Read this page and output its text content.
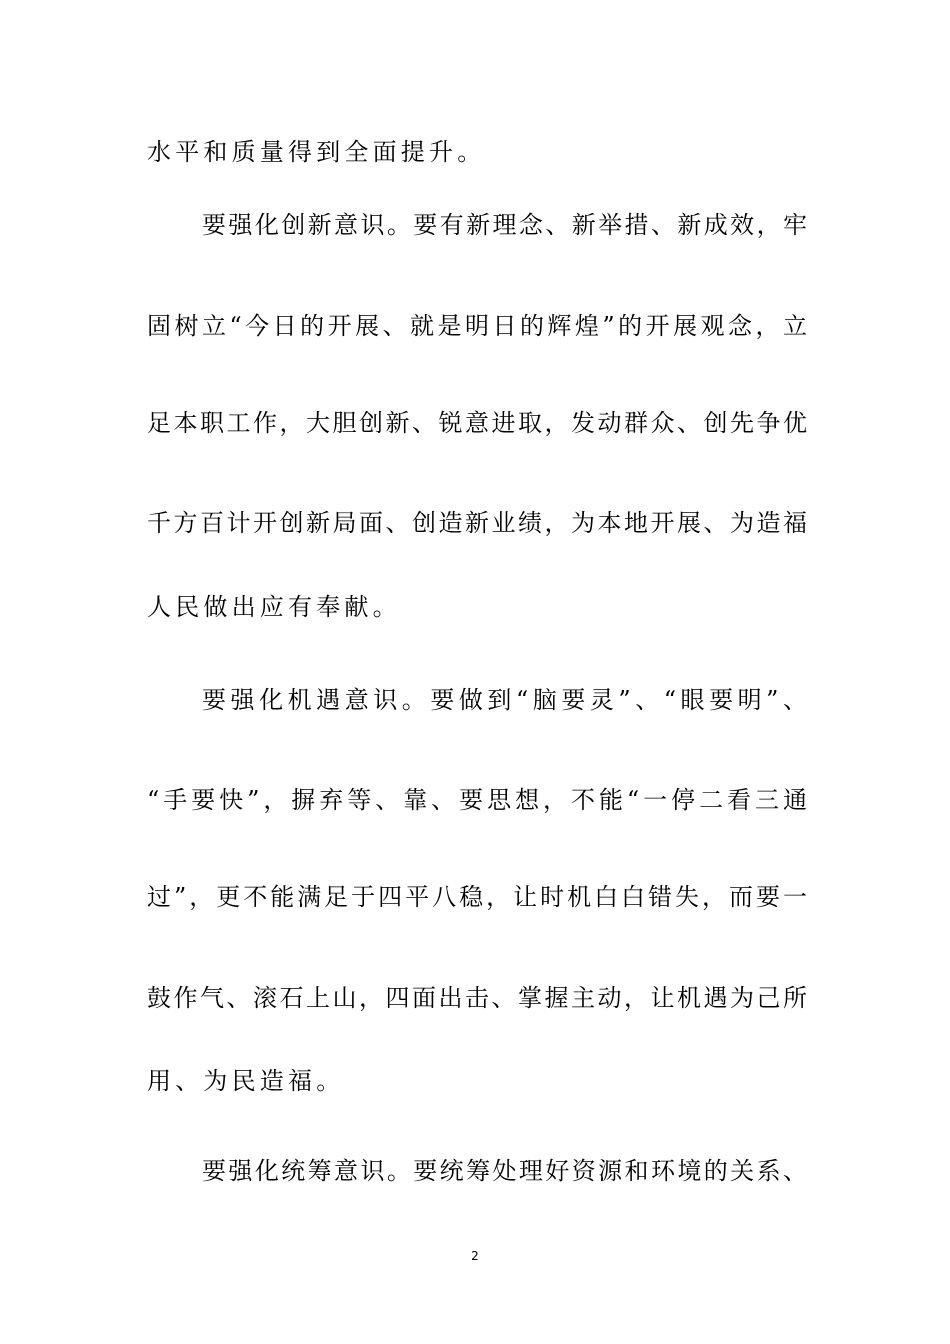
水平和质量得到全面提升。
要强化创新意识。要有新理念、新举措、新成效，牢
固树立“今日的开展、就是明日的辉煌”的开展观念，立
足本职工作，大胆创新、锐意进取，发动群众、创先争优
千方百计开创新局面、创造新业绩，为本地开展、为造福
人民做出应有奉献。
要强化机遇意识。要做到“脑要灵”、“眼要明”、
“手要快”，摒弃等、靠、要思想，不能“一停二看三通
过”，更不能满足于四平八稳，让时机白白错失，而要一
鼓作气、滚石上山，四面出击、掌握主动，让机遇为己所
用、为民造福。
要强化统筹意识。要统筹处理好资源和环境的关系、
2
